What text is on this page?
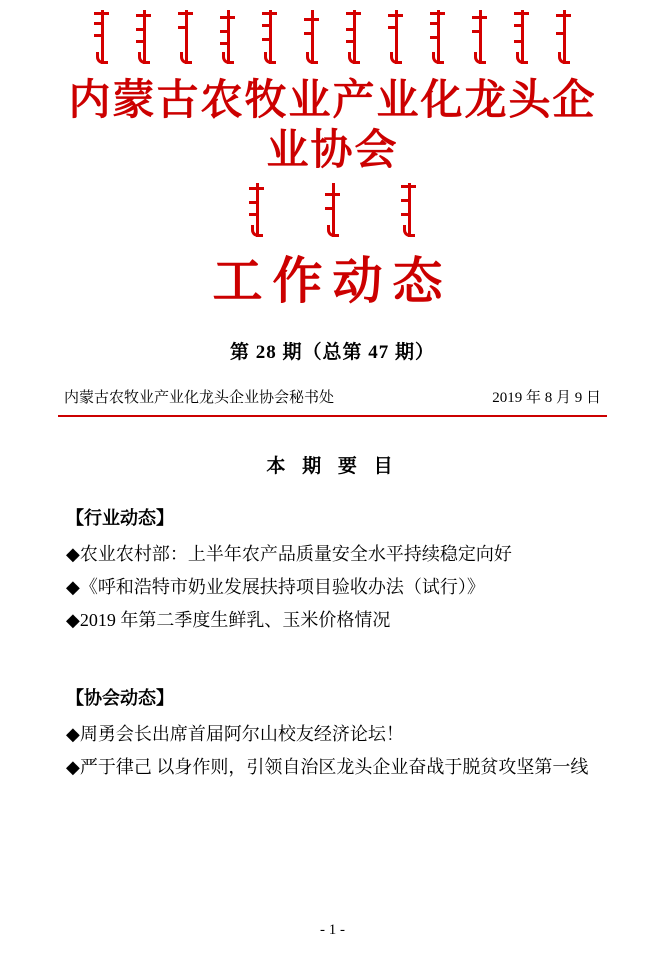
内蒙古农牧业产业化龙头企业协会
工作动态
第 28 期（总第 47 期）
内蒙古农牧业产业化龙头企业协会秘书处	2019 年 8 月 9 日
本 期 要 目
【行业动态】
◆农业农村部：上半年农产品质量安全水平持续稳定向好
◆《呼和浩特市奶业发展扶持项目验收办法（试行）》
◆2019 年第二季度生鲜乳、玉米价格情况
【协会动态】
◆周勇会长出席首届阿尔山校友经济论坛！
◆严于律己 以身作则，引领自治区龙头企业奋战于脱贫攻坚第一线
- 1 -
